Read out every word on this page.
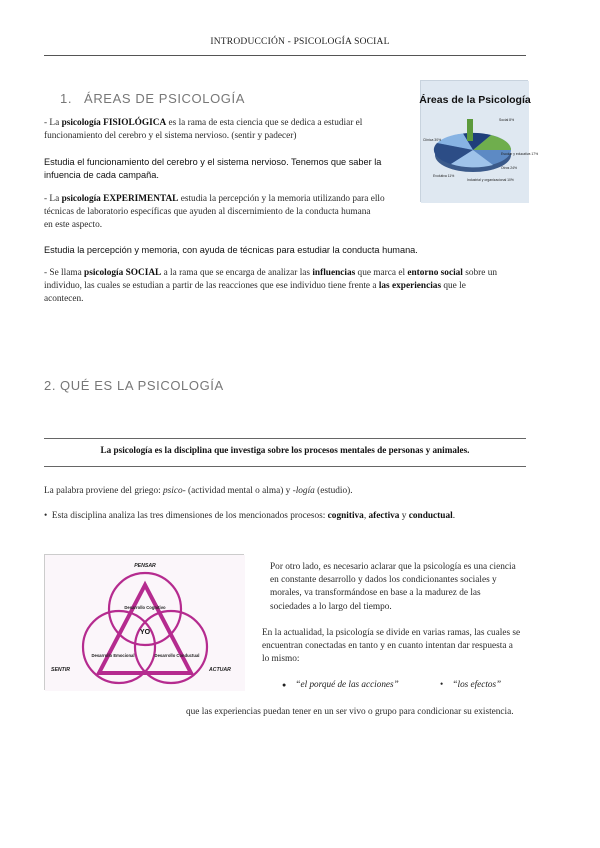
INTRODUCCIÓN - PSICOLOGÍA SOCIAL
1. ÁREAS DE PSICOLOGÍA
- La psicología FISIOLÓGICA es la rama de esta ciencia que se dedica a estudiar el
funcionamiento del cerebro y el sistema nervioso. (sentir y padecer)
Estudia el funcionamiento del cerebro y el sistema nervioso. Tenemos que saber la
infuencia de cada campaña.
- La psicología EXPERIMENTAL estudia la percepción y la memoria utilizando para ello
técnicas de laboratorio específicas que ayuden al discernimiento de la conducta humana
en este aspecto.
Estudia la percepción y memoria, con ayuda de técnicas para estudiar la conducta humana.
- Se llama psicología SOCIAL a la rama que se encarga de analizar las influencias que marca el entorno social sobre un
individuo, las cuales se estudian a partir de las reacciones que ese individuo tiene frente a las experiencias que le
acontecen.
Áreas de la Psicología
Clínica 30%
Social 8%
Escolar y educativa 17%
Evolutiva 11%
Industrial y organizacional 10%
Otros 24%
2. QUÉ ES LA PSICOLOGÍA
La psicología es la disciplina que investiga sobre los procesos mentales de personas y animales.
La palabra proviene del griego: psico- (actividad mental o alma) y -logía (estudio).
• Esta disciplina analiza las tres dimensiones de los mencionados procesos: cognitiva, afectiva y conductual.
PENSAR
SENTIR	ACTUAR
YO
Desarrollo Cognitivo
Desarrollo Emocional	Desarrollo Conductual
Por otro lado, es necesario aclarar que la psicología es una ciencia
en constante desarrollo y dados los condicionantes sociales y
morales, va transformándose en base a la madurez de las
sociedades a lo largo del tiempo.
En la actualidad, la psicología se divide en varias ramas, las cuales se
encuentran conectadas en tanto y en cuanto intentan dar respuesta a
lo mismo:
● “el porqué de las acciones”	• “los efectos”
que las experiencias puedan tener en un ser vivo o grupo para condicionar su existencia.
